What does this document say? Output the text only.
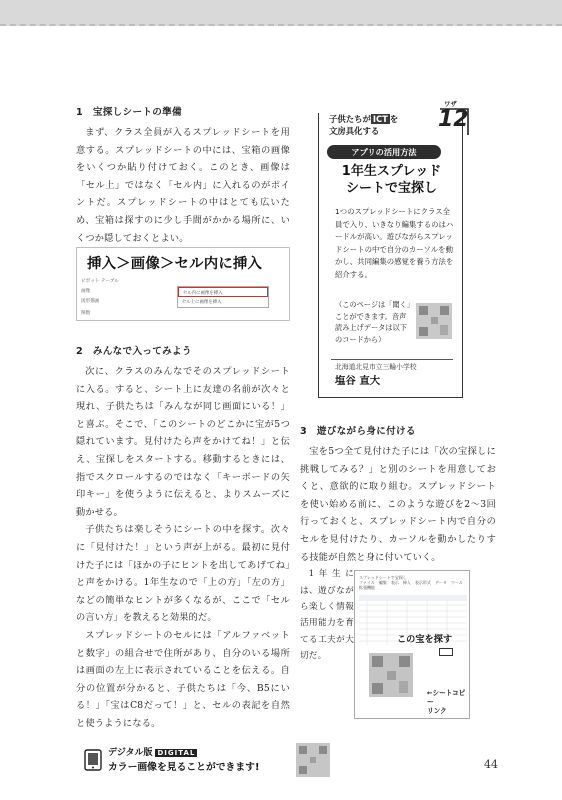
1　宝探しシートの準備

まず、クラス全員が入るスプレッドシートを用意する。スプレッドシートの中には、宝箱の画像をいくつか貼り付けておく。このとき、画像は「セル上」ではなく「セル内」に入れるのがポイントだ。スプレッドシートの中はとても広いため、宝箱は探すのに少し手間がかかる場所に、いくつか隠しておくとよい。

挿入＞画像＞セル内に挿入
ピボット テーブル
画像
図形描画
関数
セル内に画像を挿入
セル上に画像を挿入
2　みんなで入ってみよう

次に、クラスのみんなでそのスプレッドシートに入る。すると、シート上に友達の名前が次々と現れ、子供たちは「みんなが同じ画面にいる！」と喜ぶ。そこで、「このシートのどこかに宝が5つ隠れています。見付けたら声をかけてね！」と伝え、宝探しをスタートする。移動するときには、指でスクロールするのではなく「キーボードの矢印キー」を使うように伝えると、よりスムーズに動かせる。

子供たちは楽しそうにシートの中を探す。次々に「見付けた！」という声が上がる。最初に見付けた子には「ほかの子にヒントを出してあげてね」と声をかける。1年生なので「上の方」「左の方」などの簡単なヒントが多くなるが、ここで「セルの言い方」を教えると効果的だ。

スプレッドシートのセルには「アルファベットと数字」の組合せで住所があり、自分のいる場所は画面の左上に表示されていることを伝える。自分の位置が分かると、子供たちは「今、B5にいる！」「宝はC8だって！」と、セルの表記を自然と使うようになる。

子供たちが ICT を
文房具化する
ワザ
12
アプリの活用方法
1年生スプレッド
シートで宝探し
1つのスプレッドシートにクラス全員で入り、いきなり編集するのはハードルが高い。遊びながらスプレッドシートの中で自分のカーソルを動かし、共同編集の感覚を養う方法を紹介する。
（このページは「聞く」ことができます。音声読み上げデータは以下のコードから）
北海道北見市立三輪小学校
塩谷 直大
3　遊びながら身に付ける

宝を5つ全て見付けた子には「次の宝探しに挑戦してみる？」と別のシートを用意しておくと、意欲的に取り組む。スプレッドシートを使い始める前に、このような遊びを2〜3回行っておくと、スプレッドシート内で自分のセルを見付けたり、カーソルを動かしたりする技能が自然と身に付いていく。

1年生には、遊びながら楽しく情報活用能力を育てる工夫が大切だ。

スプレッドシートで宝探し
ファイル　編集　表示　挿入　表示形式　データ　ツール　拡張機能
この宝を探す
←シートコピー
リンク
デジタル版 DIGITAL
カラー画像を見ることができます!	44
